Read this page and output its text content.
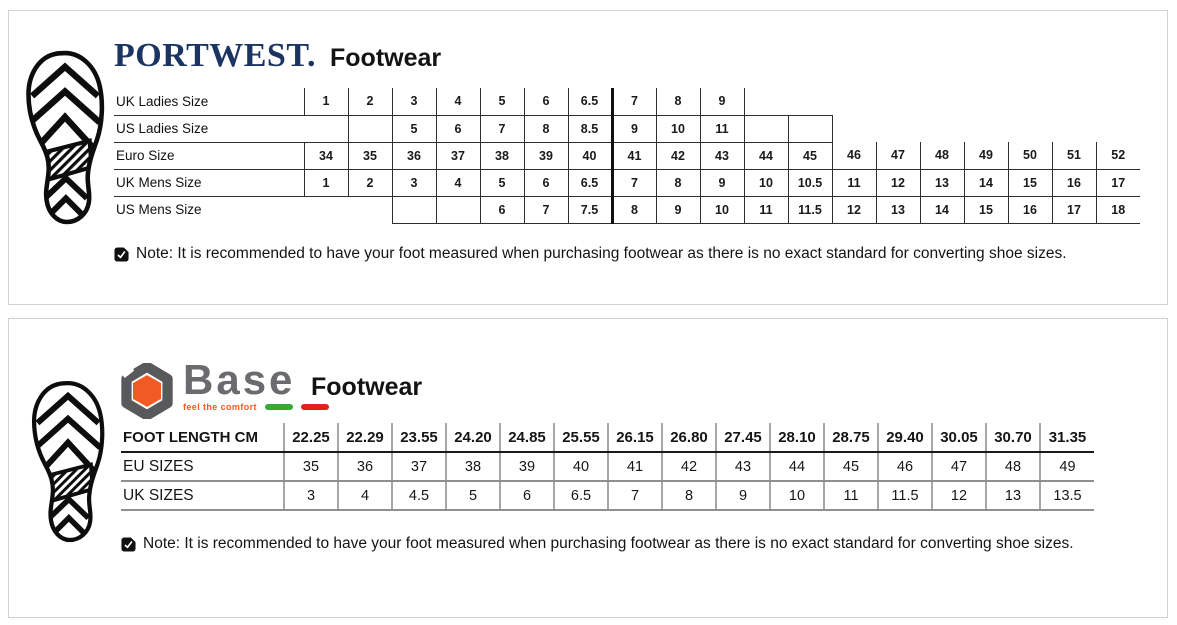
PORTWEST. Footwear
UK Ladies Size	1	2	3	4	5	6	6.5	7	8	9									
US Ladies Size			5	6	7	8	8.5	9	10	11									
Euro Size	34	35	36	37	38	39	40	41	42	43	44	45	46	47	48	49	50	51	52
UK Mens Size	1	2	3	4	5	6	6.5	7	8	9	10	10.5	11	12	13	14	15	16	17
US Mens Size					6	7	7.5	8	9	10	11	11.5	12	13	14	15	16	17	18
Note: It is recommended to have your foot measured when purchasing footwear as there is no exact standard for converting shoe sizes.
Base
feel the comfort
Footwear
FOOT LENGTH CM	22.25	22.29	23.55	24.20	24.85	25.55	26.15	26.80	27.45	28.10	28.75	29.40	30.05	30.70	31.35
EU SIZES	35	36	37	38	39	40	41	42	43	44	45	46	47	48	49
UK SIZES	3	4	4.5	5	6	6.5	7	8	9	10	11	11.5	12	13	13.5
Note: It is recommended to have your foot measured when purchasing footwear as there is no exact standard for converting shoe sizes.
